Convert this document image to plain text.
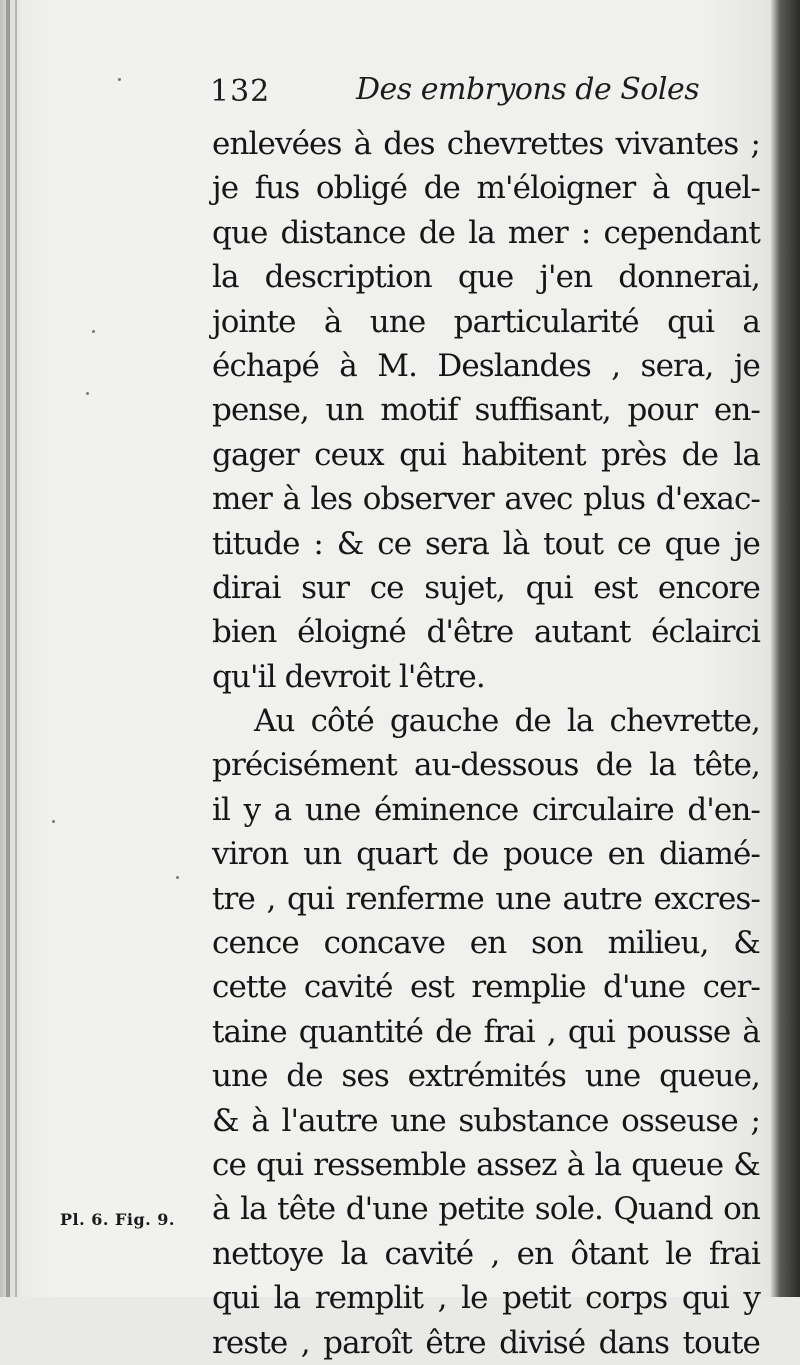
132	Des embryons de Soles
enlevées à des chevrettes vivantes ;
je fus obligé de m'éloigner à quel-
que distance de la mer : cependant
la description que j'en donnerai,
jointe à une particularité qui a
échapé à M. Deslandes , sera, je
pense, un motif suffisant, pour en-
gager ceux qui habitent près de la
mer à les observer avec plus d'exac-
titude : & ce sera là tout ce que je
dirai sur ce sujet, qui est encore
bien éloigné d'être autant éclairci
qu'il devroit l'être.
Au côté gauche de la chevrette,
précisément au-dessous de la tête,
il y a une éminence circulaire d'en-
viron un quart de pouce en diamé-
tre , qui renferme une autre excres-
cence concave en son milieu, &
cette cavité est remplie d'une cer-
taine quantité de frai , qui pousse à
une de ses extrémités une queue,
& à l'autre une substance osseuse ;
ce qui ressemble assez à la queue &
à la tête d'une petite sole. Quand on
nettoye la cavité , en ôtant le frai
qui la remplit , le petit corps qui y
reste , paroît être divisé dans toute
Pl. 6. Fig. 9.
